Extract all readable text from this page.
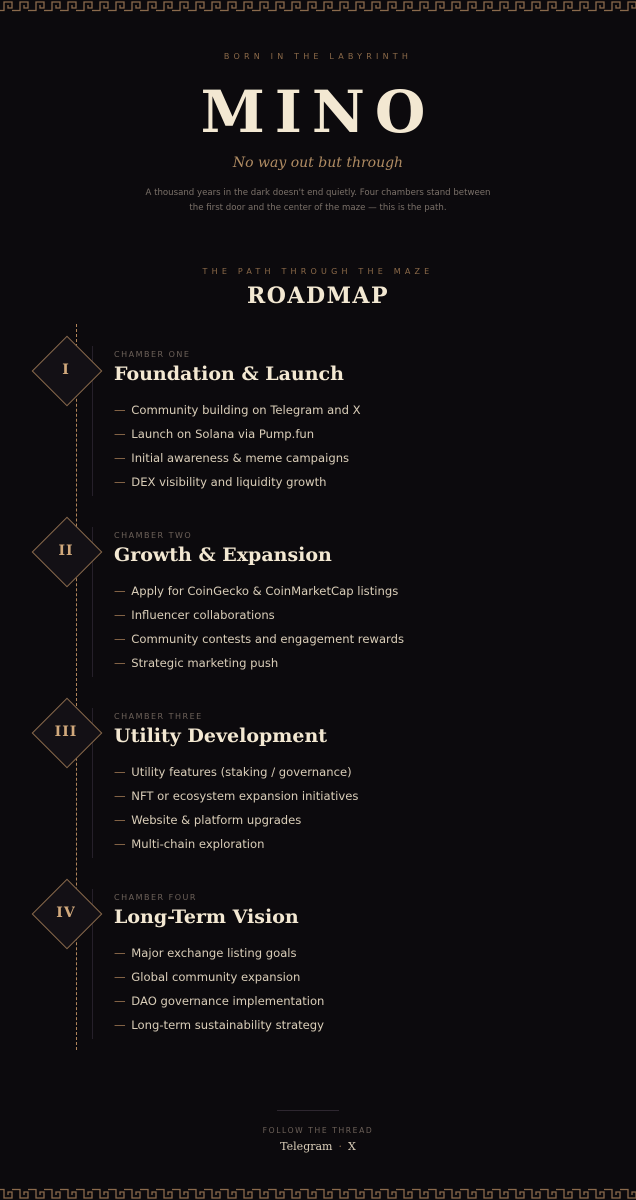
BORN IN THE LABYRINTH
MINO
No way out but through
A thousand years in the dark doesn't end quietly. Four chambers stand between the first door and the center of the maze — this is the path.
THE PATH THROUGH THE MAZE
ROADMAP
I
CHAMBER ONE
Foundation & Launch
— Community building on Telegram and X
— Launch on Solana via Pump.fun
— Initial awareness & meme campaigns
— DEX visibility and liquidity growth
II
CHAMBER TWO
Growth & Expansion
— Apply for CoinGecko & CoinMarketCap listings
— Influencer collaborations
— Community contests and engagement rewards
— Strategic marketing push
III
CHAMBER THREE
Utility Development
— Utility features (staking / governance)
— NFT or ecosystem expansion initiatives
— Website & platform upgrades
— Multi-chain exploration
IV
CHAMBER FOUR
Long-Term Vision
— Major exchange listing goals
— Global community expansion
— DAO governance implementation
— Long-term sustainability strategy
FOLLOW THE THREAD
Telegram · X
